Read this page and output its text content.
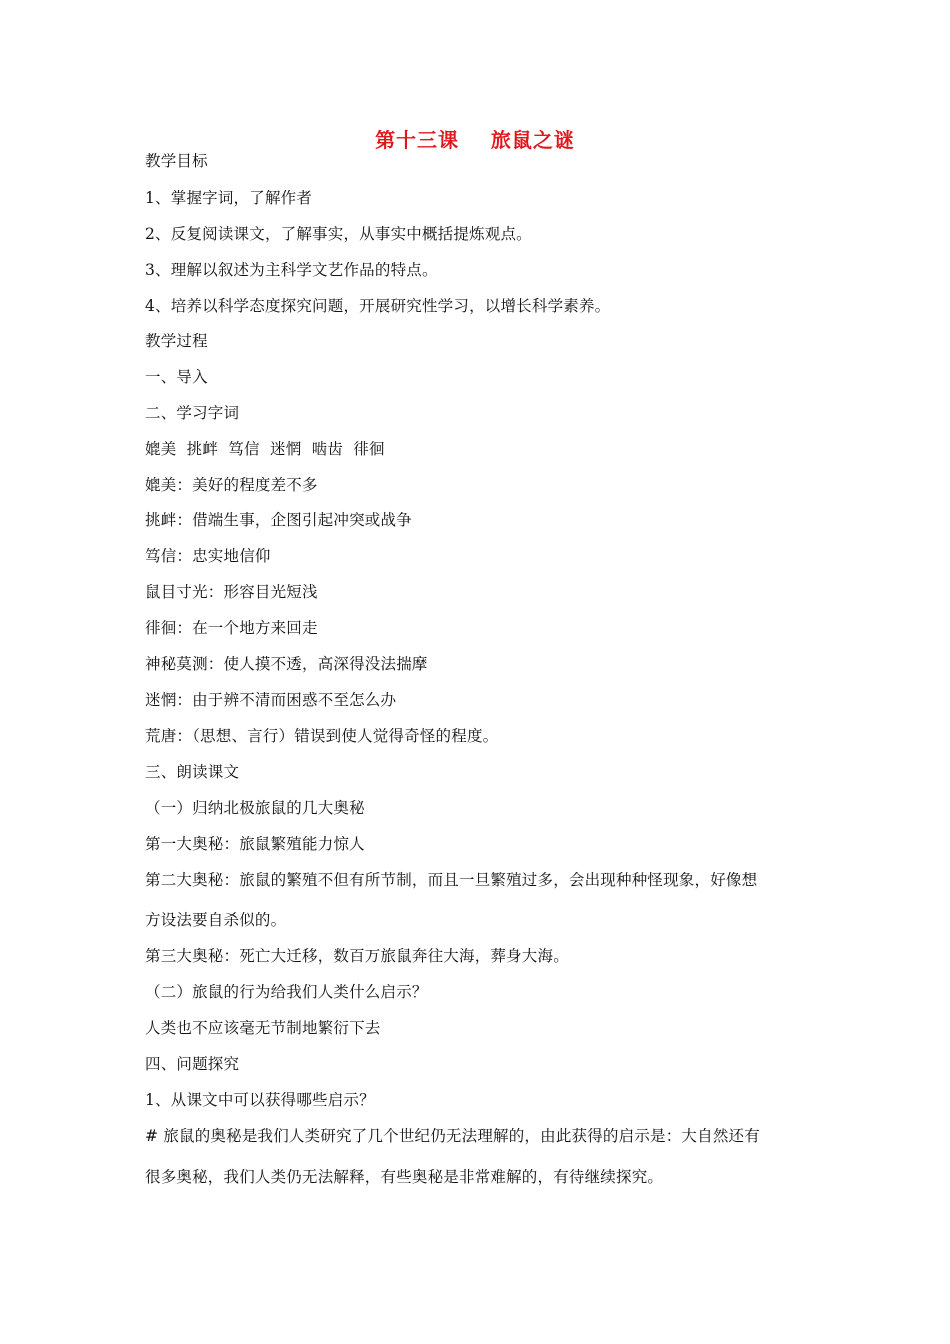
第十三课    旅鼠之谜
教学目标
1、掌握字词，了解作者
2、反复阅读课文，了解事实，从事实中概括提炼观点。
3、理解以叙述为主科学文艺作品的特点。
4、培养以科学态度探究问题，开展研究性学习，以增长科学素养。
教学过程
一、导入
二、学习字词
媲美  挑衅  笃信  迷惘  啮齿  徘徊
媲美：美好的程度差不多
挑衅：借端生事，企图引起冲突或战争
笃信：忠实地信仰
鼠目寸光：形容目光短浅
徘徊：在一个地方来回走
神秘莫测：使人摸不透，高深得没法揣摩
迷惘：由于辨不清而困惑不至怎么办
荒唐：（思想、言行）错误到使人觉得奇怪的程度。
三、朗读课文
（一）归纳北极旅鼠的几大奥秘
第一大奥秘：旅鼠繁殖能力惊人
第二大奥秘：旅鼠的繁殖不但有所节制，而且一旦繁殖过多，会出现种种怪现象，好像想
方设法要自杀似的。
第三大奥秘：死亡大迁移，数百万旅鼠奔往大海，葬身大海。
（二）旅鼠的行为给我们人类什么启示？
人类也不应该毫无节制地繁衍下去
四、问题探究
1、从课文中可以获得哪些启示？
# 旅鼠的奥秘是我们人类研究了几个世纪仍无法理解的，由此获得的启示是：大自然还有
很多奥秘，我们人类仍无法解释，有些奥秘是非常难解的，有待继续探究。
